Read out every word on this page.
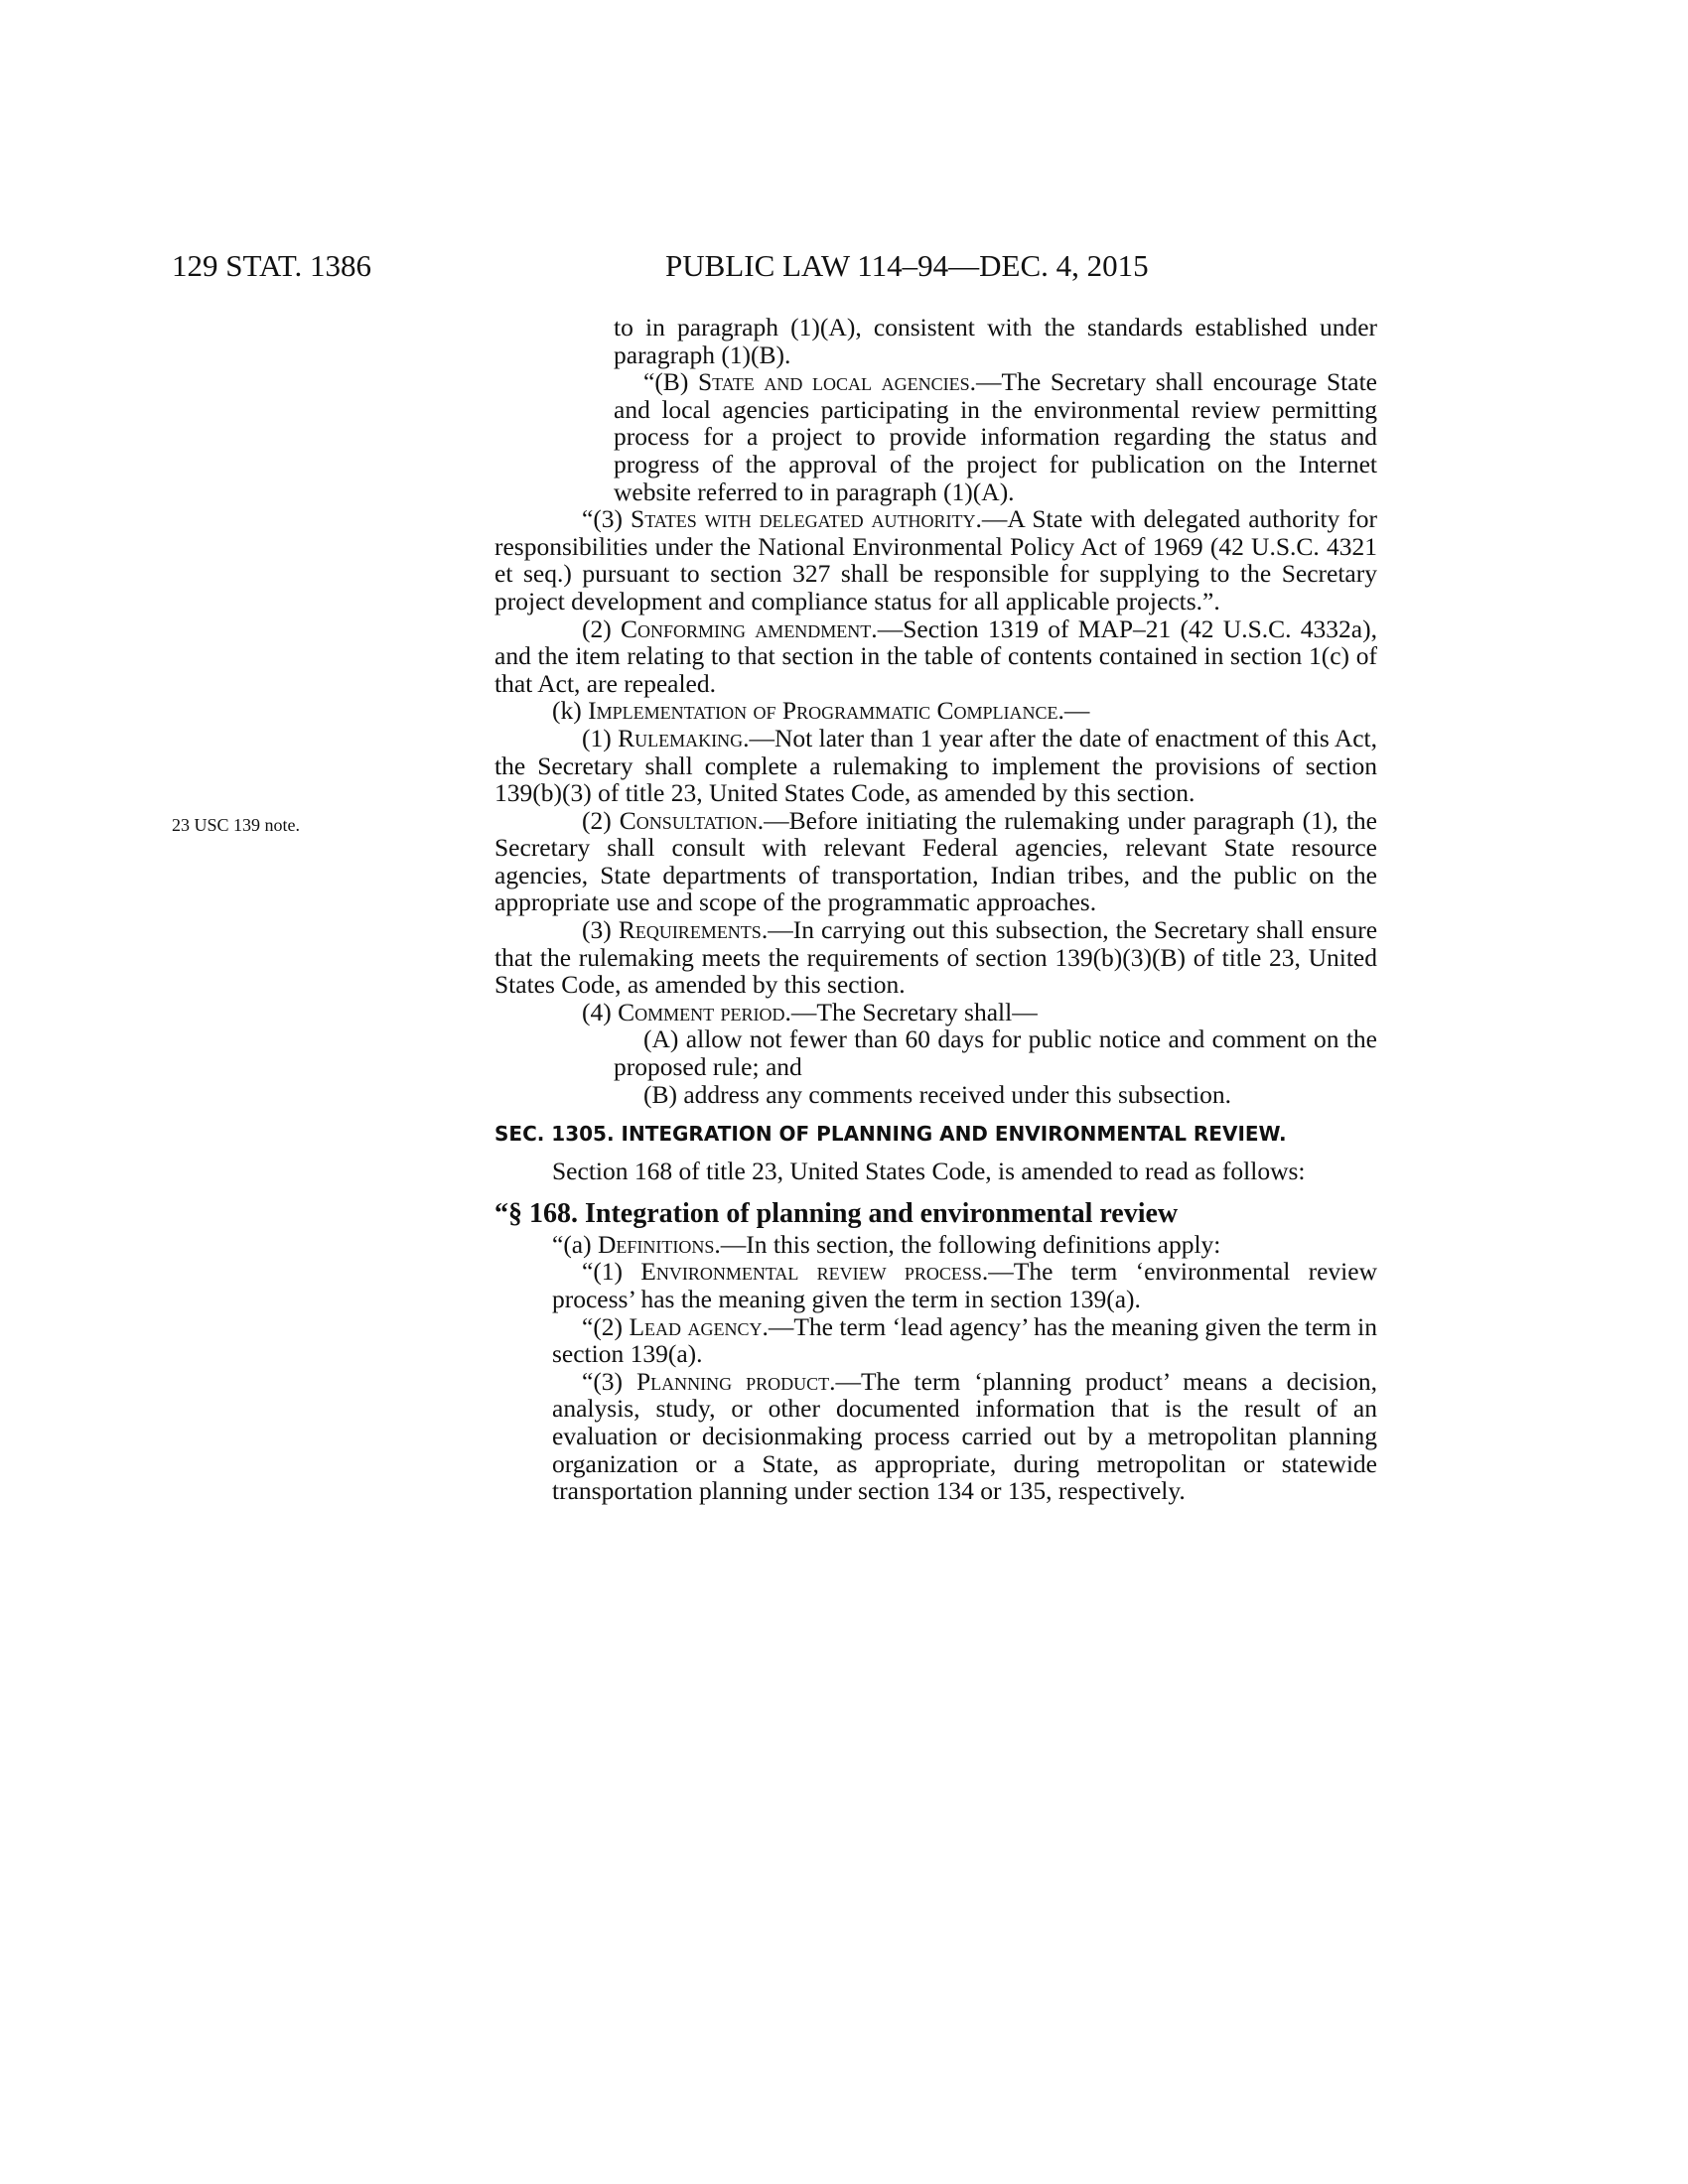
129 STAT. 1386	PUBLIC LAW 114–94—DEC. 4, 2015
23 USC 139 note.

to in paragraph (1)(A), consistent with the standards established under paragraph (1)(B).

“(B) State and local agencies.—The Secretary shall encourage State and local agencies participating in the environmental review permitting process for a project to provide information regarding the status and progress of the approval of the project for publication on the Internet website referred to in paragraph (1)(A).

“(3) States with delegated authority.—A State with delegated authority for responsibilities under the National Environmental Policy Act of 1969 (42 U.S.C. 4321 et seq.) pursuant to section 327 shall be responsible for supplying to the Secretary project development and compliance status for all applicable projects.”.

(2) Conforming amendment.—Section 1319 of MAP–21 (42 U.S.C. 4332a), and the item relating to that section in the table of contents contained in section 1(c) of that Act, are repealed.

(k) Implementation of Programmatic Compliance.—

(1) Rulemaking.—Not later than 1 year after the date of enactment of this Act, the Secretary shall complete a rulemaking to implement the provisions of section 139(b)(3) of title 23, United States Code, as amended by this section.

(2) Consultation.—Before initiating the rulemaking under paragraph (1), the Secretary shall consult with relevant Federal agencies, relevant State resource agencies, State departments of transportation, Indian tribes, and the public on the appropriate use and scope of the programmatic approaches.

(3) Requirements.—In carrying out this subsection, the Secretary shall ensure that the rulemaking meets the requirements of section 139(b)(3)(B) of title 23, United States Code, as amended by this section.

(4) Comment period.—The Secretary shall—

(A) allow not fewer than 60 days for public notice and comment on the proposed rule; and

(B) address any comments received under this subsection.

SEC. 1305. INTEGRATION OF PLANNING AND ENVIRONMENTAL REVIEW.

Section 168 of title 23, United States Code, is amended to read as follows:

“§ 168. Integration of planning and environmental review

“(a) Definitions.—In this section, the following definitions apply:

“(1) Environmental review process.—The term ‘environmental review process’ has the meaning given the term in section 139(a).

“(2) Lead agency.—The term ‘lead agency’ has the meaning given the term in section 139(a).

“(3) Planning product.—The term ‘planning product’ means a decision, analysis, study, or other documented information that is the result of an evaluation or decisionmaking process carried out by a metropolitan planning organization or a State, as appropriate, during metropolitan or statewide transportation planning under section 134 or 135, respectively.
